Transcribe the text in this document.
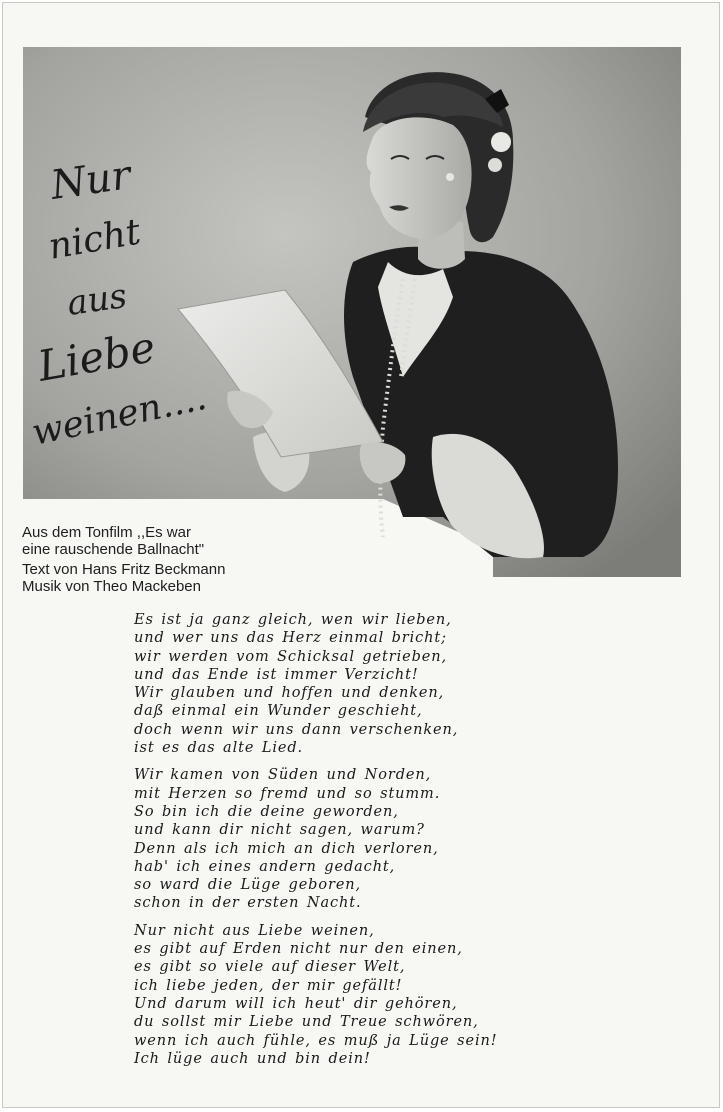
Nur
nicht
aus
Liebe
weinen....
Aus dem Tonfilm ,,Es war
eine rauschende Ballnacht"
Text von Hans Fritz Beckmann
Musik von Theo Mackeben
Es ist ja ganz gleich, wen wir lieben,
und wer uns das Herz einmal bricht;
wir werden vom Schicksal getrieben,
und das Ende ist immer Verzicht!
Wir glauben und hoffen und denken,
daß einmal ein Wunder geschieht,
doch wenn wir uns dann verschenken,
ist es das alte Lied.
Wir kamen von Süden und Norden,
mit Herzen so fremd und so stumm.
So bin ich die deine geworden,
und kann dir nicht sagen, warum?
Denn als ich mich an dich verloren,
hab' ich eines andern gedacht,
so ward die Lüge geboren,
schon in der ersten Nacht.
Nur nicht aus Liebe weinen,
es gibt auf Erden nicht nur den einen,
es gibt so viele auf dieser Welt,
ich liebe jeden, der mir gefällt!
Und darum will ich heut' dir gehören,
du sollst mir Liebe und Treue schwören,
wenn ich auch fühle, es muß ja Lüge sein!
Ich lüge auch und bin dein!
